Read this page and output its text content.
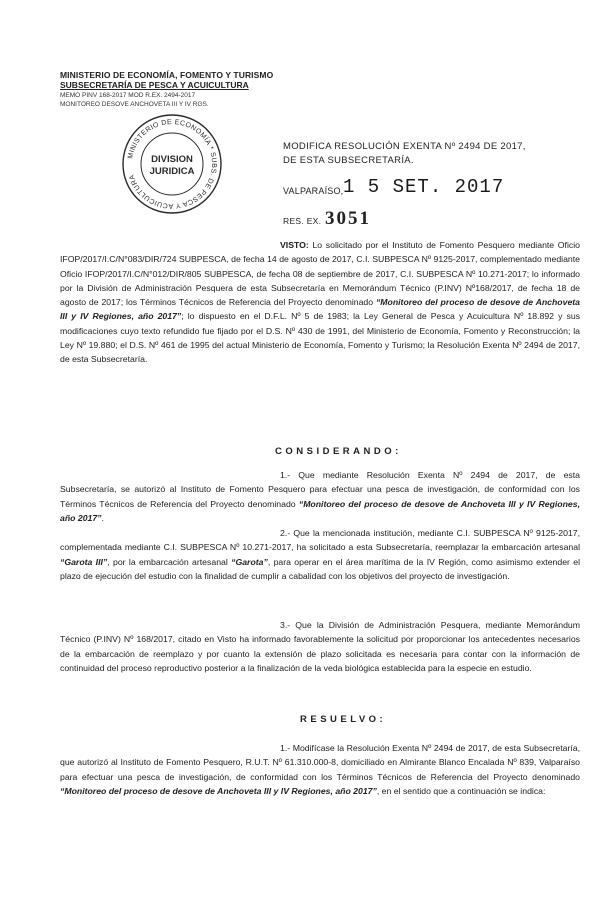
MINISTERIO DE ECONOMÍA, FOMENTO Y TURISMO
SUBSECRETARÍA DE PESCA Y ACUICULTURA
MEMO PINV 168-2017 MOD R.EX. 2494-2017
MONITOREO DESOVE ANCHOVETA III Y IV RGS.
MINISTERIO DE ECONOMÍA * SUBS. DE PESCA Y ACUICULTURA
DIVISION
JURIDICA
MODIFICA RESOLUCIÓN EXENTA Nº 2494 DE 2017,
DE ESTA SUBSECRETARÍA.
VALPARAÍSO, 1 5 SET. 2017
RES. EX. 3051

VISTO: Lo solicitado por el Instituto de Fomento Pesquero mediante Oficio IFOP/2017/I.C/N°083/DIR/724 SUBPESCA, de fecha 14 de agosto de 2017, C.I. SUBPESCA Nº 9125-2017, complementado mediante Oficio IFOP/2017/I.C/N°012/DIR/805 SUBPESCA, de fecha 08 de septiembre de 2017, C.I. SUBPESCA Nº 10.271-2017; lo informado por la División de Administración Pesquera de esta Subsecretaría en Memorándum Técnico (P.INV) Nº168/2017, de fecha 18 de agosto de 2017; los Términos Técnicos de Referencia del Proyecto denominado “Monitoreo del proceso de desove de Anchoveta III y IV Regiones, año 2017”; lo dispuesto en el D.F.L. Nº 5 de 1983; la Ley General de Pesca y Acuicultura Nº 18.892 y sus modificaciones cuyo texto refundido fue fijado por el D.S. Nº 430 de 1991, del Ministerio de Economía, Fomento y Reconstrucción; la Ley Nº 19.880; el D.S. Nº 461 de 1995 del actual Ministerio de Economía, Fomento y Turismo; la Resolución Exenta Nº 2494 de 2017, de esta Subsecretaría.

CONSIDERANDO:

1.- Que mediante Resolución Exenta Nº 2494 de 2017, de esta Subsecretaría, se autorizó al Instituto de Fomento Pesquero para efectuar una pesca de investigación, de conformidad con los Términos Técnicos de Referencia del Proyecto denominado “Monitoreo del proceso de desove de Anchoveta III y IV Regiones, año 2017”.

2.- Que la mencionada institución, mediante C.I. SUBPESCA Nº 9125-2017, complementada mediante C.I. SUBPESCA Nº 10.271-2017, ha solicitado a esta Subsecretaría, reemplazar la embarcación artesanal “Garota III”, por la embarcación artesanal “Garota”, para operar en el área marítima de la IV Región, como asimismo extender el plazo de ejecución del estudio con la finalidad de cumplir a cabalidad con los objetivos del proyecto de investigación.

3.- Que la División de Administración Pesquera, mediante Memorándum Técnico (P.INV) Nº 168/2017, citado en Visto ha informado favorablemente la solicitud por proporcionar los antecedentes necesarios de la embarcación de reemplazo y por cuanto la extensión de plazo solicitada es necesaria para contar con la información de continuidad del proceso reproductivo posterior a la finalización de la veda biológica establecida para la especie en estudio.

RESUELVO:

1.- Modifícase la Resolución Exenta Nº 2494 de 2017, de esta Subsecretaría, que autorizó al Instituto de Fomento Pesquero, R.U.T. Nº 61.310.000-8, domiciliado en Almirante Blanco Encalada Nº 839, Valparaíso para efectuar una pesca de investigación, de conformidad con los Términos Técnicos de Referencia del Proyecto denominado “Monitoreo del proceso de desove de Anchoveta III y IV Regiones, año 2017”, en el sentido que a continuación se indica:
